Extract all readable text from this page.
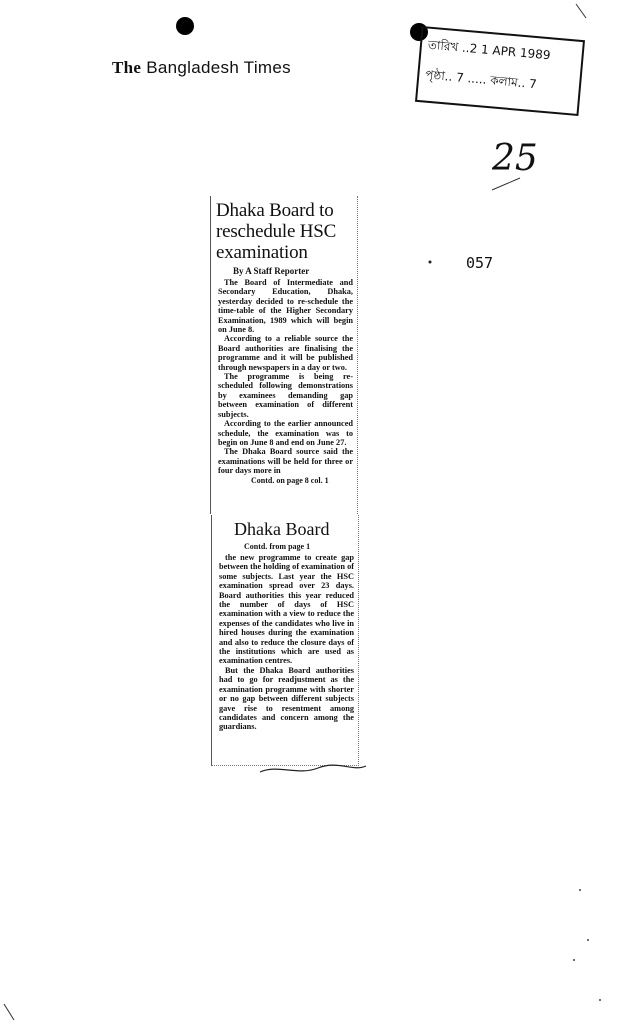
The Bangladesh Times
তারিখ ..2 1 APR 1989
পৃষ্ঠা.. 7 ..... কলাম.. 7
25
057
Dhaka Board to reschedule HSC examination
By A Staff Reporter

The Board of Intermediate and Secondary Education, Dhaka, yesterday decided to re-schedule the time-table of the Higher Secondary Examination, 1989 which will begin on June 8.

According to a reliable source the Board authorities are finalising the programme and it will be published through newspapers in a day or two.

The programme is being re-scheduled following demonstrations by examinees demanding gap between examination of different subjects.

According to the earlier announced schedule, the examination was to begin on June 8 and end on June 27.

The Dhaka Board source said the examinations will be held for three or four days more in

Contd. on page 8 col. 1
Dhaka Board
Contd. from page 1

the new programme to create gap between the holding of examination of some subjects. Last year the HSC examination spread over 23 days. Board authorities this year reduced the number of days of HSC examination with a view to reduce the expenses of the candidates who live in hired houses during the examination and also to reduce the closure days of the institutions which are used as examination centres.

But the Dhaka Board authorities had to go for readjustment as the examination programme with shorter or no gap between different subjects gave rise to resentment among candidates and concern among the guardians.
